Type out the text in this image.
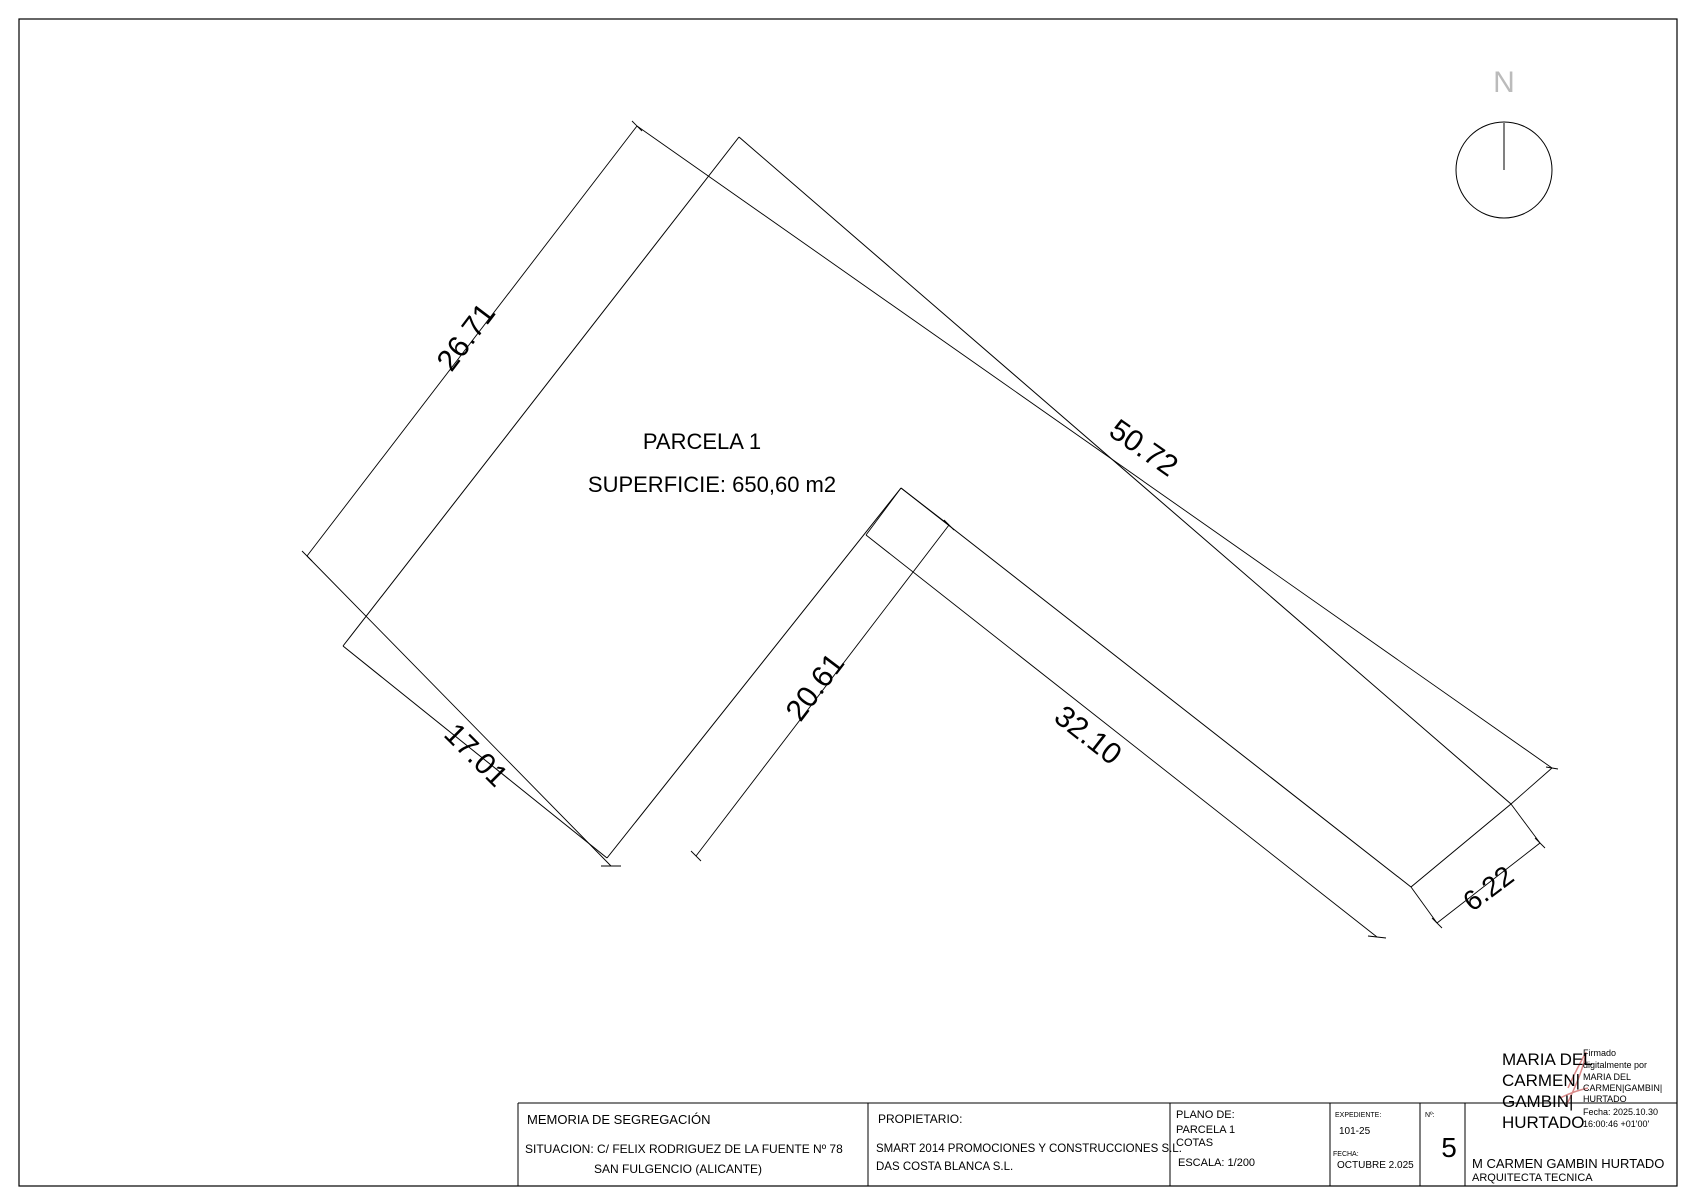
26.71
50.72
17.01
20.61
32.10
6.22
PARCELA 1
SUPERFICIE: 650,60 m2
N
MEMORIA DE SEGREGACIÓN
SITUACION: C/ FELIX RODRIGUEZ DE LA FUENTE Nº 78
SAN FULGENCIO (ALICANTE)
PROPIETARIO:
SMART 2014 PROMOCIONES Y CONSTRUCCIONES S.L.
DAS COSTA BLANCA S.L.
PLANO DE:
PARCELA 1
COTAS
ESCALA: 1/200
EXPEDIENTE:
101-25
FECHA:
OCTUBRE 2.025
Nº:
5
M CARMEN GAMBIN HURTADO
ARQUITECTA TECNICA
MARIA DEL
CARMEN|
GAMBIN|
HURTADO
Firmado
digitalmente por
MARIA DEL
CARMEN|GAMBIN|
HURTADO
Fecha: 2025.10.30
16:00:46 +01'00'
